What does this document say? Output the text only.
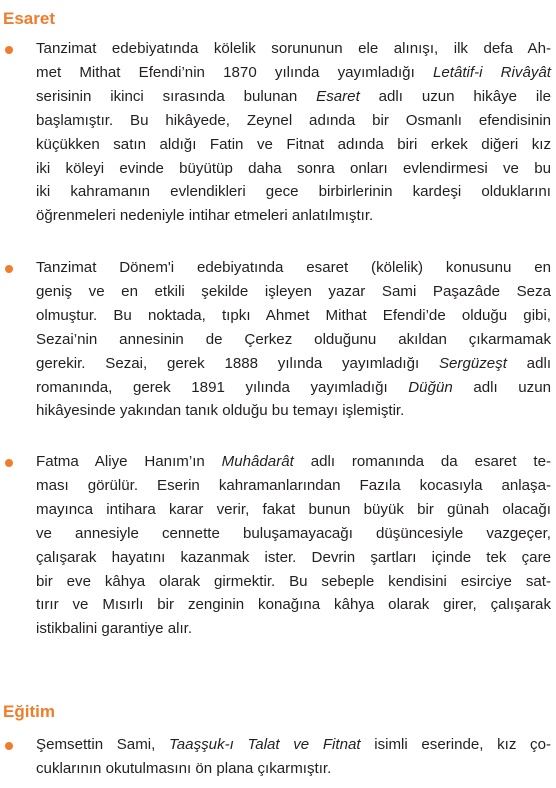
Esaret

Tanzimat edebiyatında kölelik sorununun ele alınışı, ilk defa Ah-
met Mithat Efendi’nin 1870 yılında yayımladığı Letâtif-i Rivâyât
serisinin ikinci sırasında bulunan Esaret adlı uzun hikâye ile
başlamıştır. Bu hikâyede, Zeynel adında bir Osmanlı efendisinin
küçükken satın aldığı Fatin ve Fitnat adında biri erkek diğeri kız
iki köleyi evinde büyütüp daha sonra onları evlendirmesi ve bu
iki kahramanın evlendikleri gece birbirlerinin kardeşi olduklarını
öğrenmeleri nedeniyle intihar etmeleri anlatılmıştır.

Tanzimat Dönem'i edebiyatında esaret (kölelik) konusunu en
geniş ve en etkili şekilde işleyen yazar Sami Paşazâde Seza
olmuştur. Bu noktada, tıpkı Ahmet Mithat Efendi’de olduğu gibi,
Sezai’nin annesinin de Çerkez olduğunu akıldan çıkarmamak
gerekir. Sezai, gerek 1888 yılında yayımladığı Sergüzeşt adlı
romanında, gerek 1891 yılında yayımladığı Düğün adlı uzun
hikâyesinde yakından tanık olduğu bu temayı işlemiştir.

Fatma Aliye Hanım’ın Muhâdarât adlı romanında da esaret te-
ması görülür. Eserin kahramanlarından Fazıla kocasıyla anlaşa-
mayınca intihara karar verir, fakat bunun büyük bir günah olacağı
ve annesiyle cennette buluşamayacağı düşüncesiyle vazgeçer,
çalışarak hayatını kazanmak ister. Devrin şartları içinde tek çare
bir eve kâhya olarak girmektir. Bu sebeple kendisini esirciye sat-
tırır ve Mısırlı bir zenginin konağına kâhya olarak girer, çalışarak
istikbalini garantiye alır.

Eğitim

Şemsettin Sami, Taaşşuk-ı Talat ve Fitnat isimli eserinde, kız ço-
cuklarının okutulmasını ön plana çıkarmıştır.
